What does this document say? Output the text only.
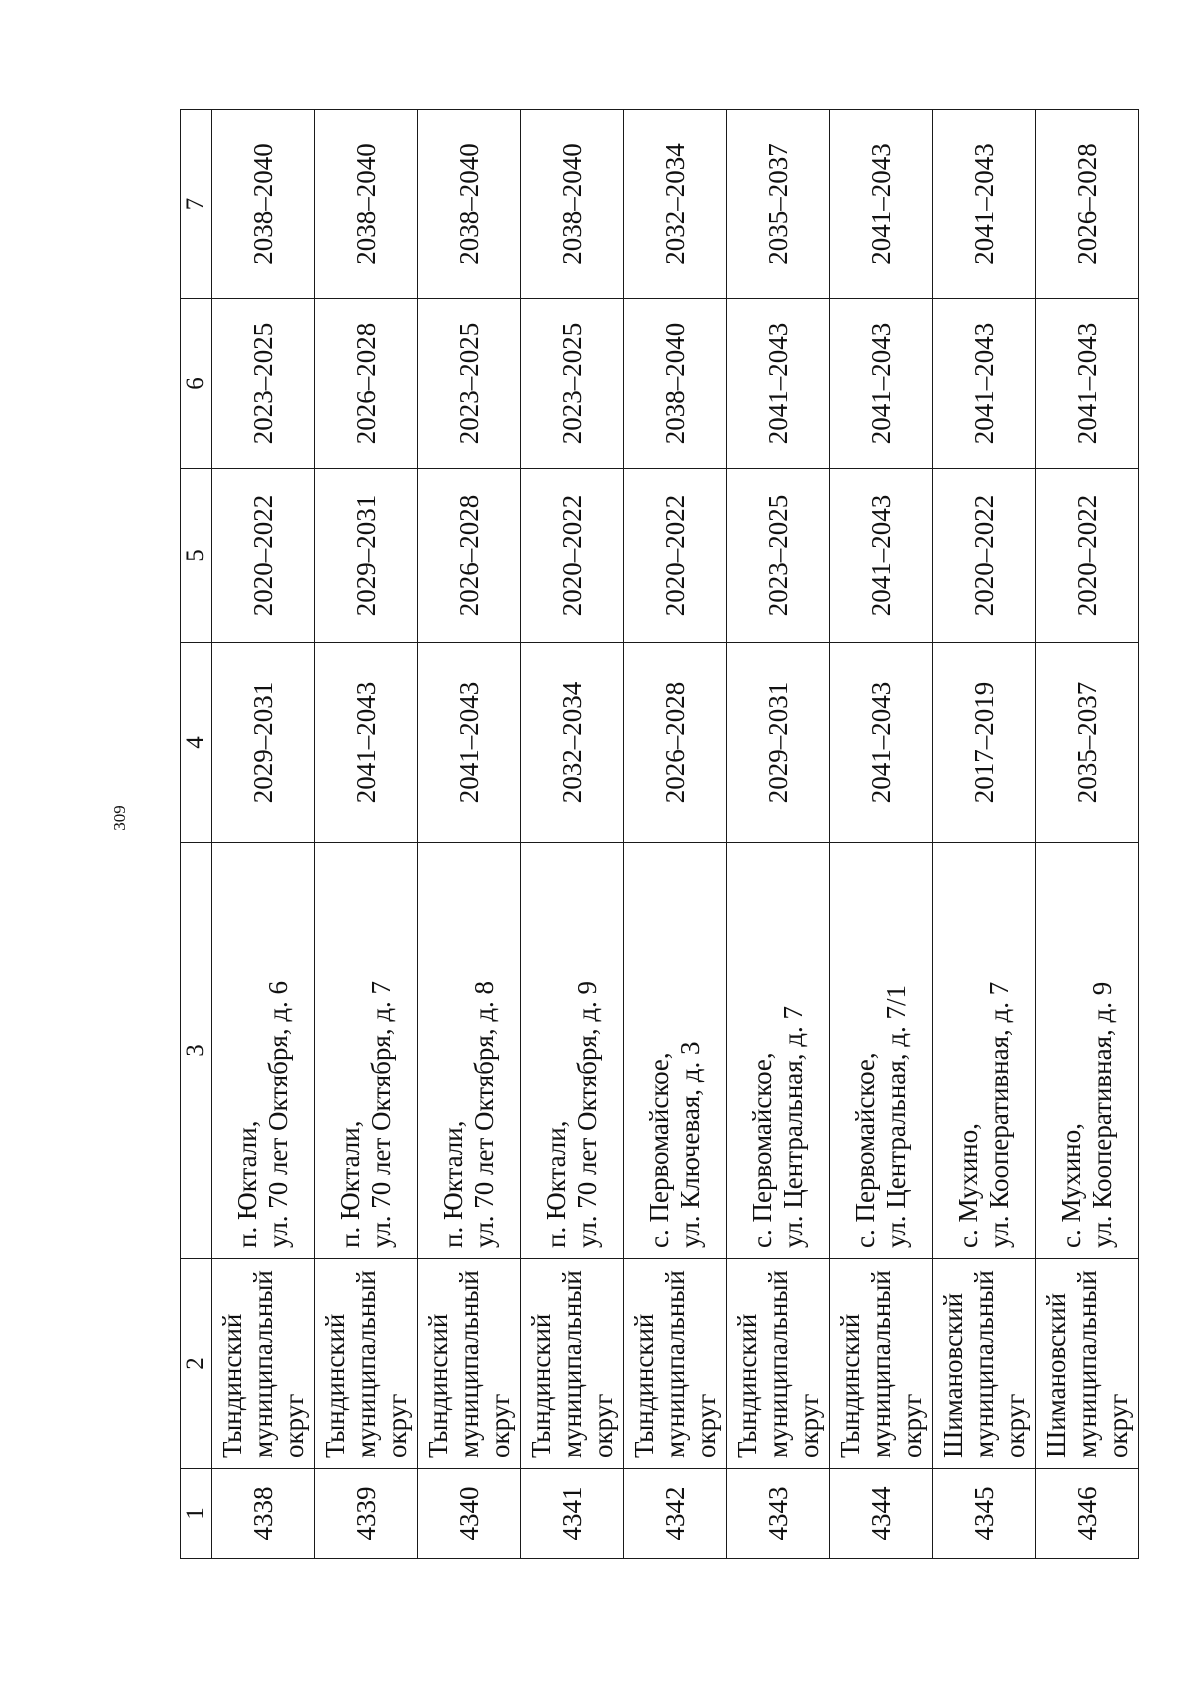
309
1	2	3	4	5	6	7
4338	Тындинский муниципальный округ	п. Юктали, ул. 70 лет Октября, д. 6	2029–2031	2020–2022	2023–2025	2038–2040
4339	Тындинский муниципальный округ	п. Юктали, ул. 70 лет Октября, д. 7	2041–2043	2029–2031	2026–2028	2038–2040
4340	Тындинский муниципальный округ	п. Юктали, ул. 70 лет Октября, д. 8	2041–2043	2026–2028	2023–2025	2038–2040
4341	Тындинский муниципальный округ	п. Юктали, ул. 70 лет Октября, д. 9	2032–2034	2020–2022	2023–2025	2038–2040
4342	Тындинский муниципальный округ	с. Первомайское, ул. Ключевая, д. 3	2026–2028	2020–2022	2038–2040	2032–2034
4343	Тындинский муниципальный округ	с. Первомайское, ул. Центральная, д. 7	2029–2031	2023–2025	2041–2043	2035–2037
4344	Тындинский муниципальный округ	с. Первомайское, ул. Центральная, д. 7/1	2041–2043	2041–2043	2041–2043	2041–2043
4345	Шимановский муниципальный округ	с. Мухино, ул. Кооперативная, д. 7	2017–2019	2020–2022	2041–2043	2041–2043
4346	Шимановский муниципальный округ	с. Мухино, ул. Кооперативная, д. 9	2035–2037	2020–2022	2041–2043	2026–2028
